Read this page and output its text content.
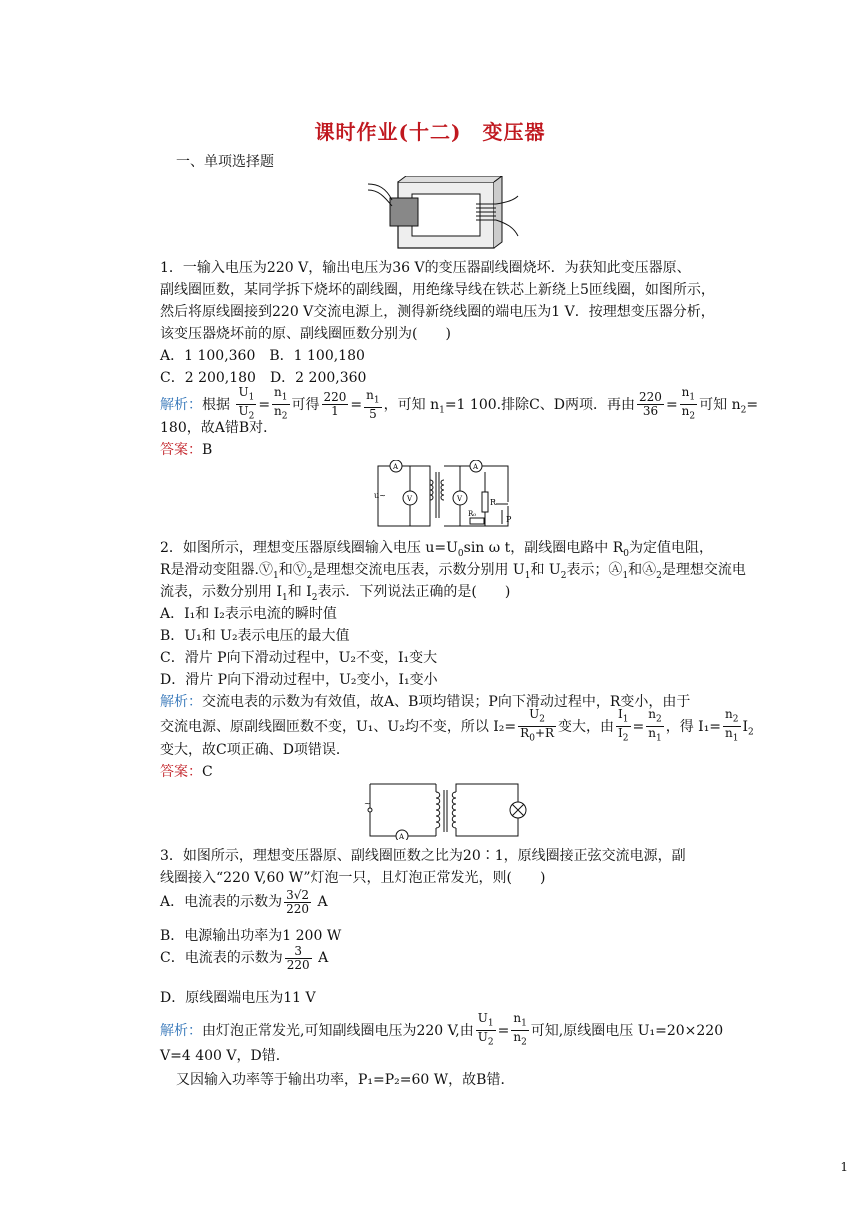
课时作业(十二)　变压器
一、单项选择题
1．一输入电压为220 V，输出电压为36 V的变压器副线圈烧坏．为获知此变压器原、
副线圈匝数，某同学拆下烧坏的副线圈，用绝缘导线在铁芯上新绕上5匝线圈，如图所示，
然后将原线圈接到220 V交流电源上，测得新绕线圈的端电压为1 V．按理想变压器分析，
该变压器烧坏前的原、副线圈匝数分别为(　　)
A．1 100,360　B．1 100,180
C．2 200,180　D．2 200,360
解析：根据 $\frac{U_1}{U_2} = \frac{n_1}{n_2}$ 可得 $\frac{220}{1} = \frac{n_1}{5}$ ，可知 $n_1=1$ 100.排除C、D两项．再由 $\frac{220}{36} = \frac{n_1}{n_2}$ 可知 $n_2=$
180，故A错B对．
答案：B
u~
A
V
A
V	R
R₀
P
2．如图所示，理想变压器原线圈输入电压 $u=U_0\sin$ ω t，副线圈电路中 $R_0$为定值电阻，
R是滑动变阻器$.Ⓥ_1$和$Ⓥ_2$是理想交流电压表，示数分别用 $U_1$和 $U_2$表示；$Ⓐ_1$和$Ⓐ_2$是理想交流电
流表，示数分别用 $I_1$和 $I_2$表示．下列说法正确的是(　　)
A．I₁和 I₂表示电流的瞬时值
B．U₁和 U₂表示电压的最大值
C．滑片 P向下滑动过程中，U₂不变，I₁变大
D．滑片 P向下滑动过程中，U₂变小，I₁变小
解析：交流电表的示数为有效值，故A、B项均错误；P向下滑动过程中，R变小，由于
交流电源、原副线圈匝数不变，U₁、U₂均不变，所以 $I_2= \frac{U_2}{R_0+R}$ 变大，由 $\frac{I_1}{I_2} = \frac{n_2}{n_1}$ ，得 $I_1= \frac{n_2}{n_1} I_2$
变大，故C项正确、D项错误．
答案：C
~
A
3．如图所示，理想变压器原、副线圈匝数之比为20∶1，原线圈接正弦交流电源，副
线圈接入“220 V,60 W”灯泡一只，且灯泡正常发光，则(　　)
A．电流表的示数为 $\frac{3√2}{220}$ A
B．电源输出功率为1 200 W
C．电流表的示数为 $\frac{3}{220}$ A
D．原线圈端电压为11 V
解析：由灯泡正常发光,可知副线圈电压为220 V,由 $\frac{U_1}{U_2} = \frac{n_1}{n_2}$ 可知,原线圈电压 U₁=20×220
V=4 400 V，D错．
又因输入功率等于输出功率，P₁=P₂=60 W，故B错．
1
